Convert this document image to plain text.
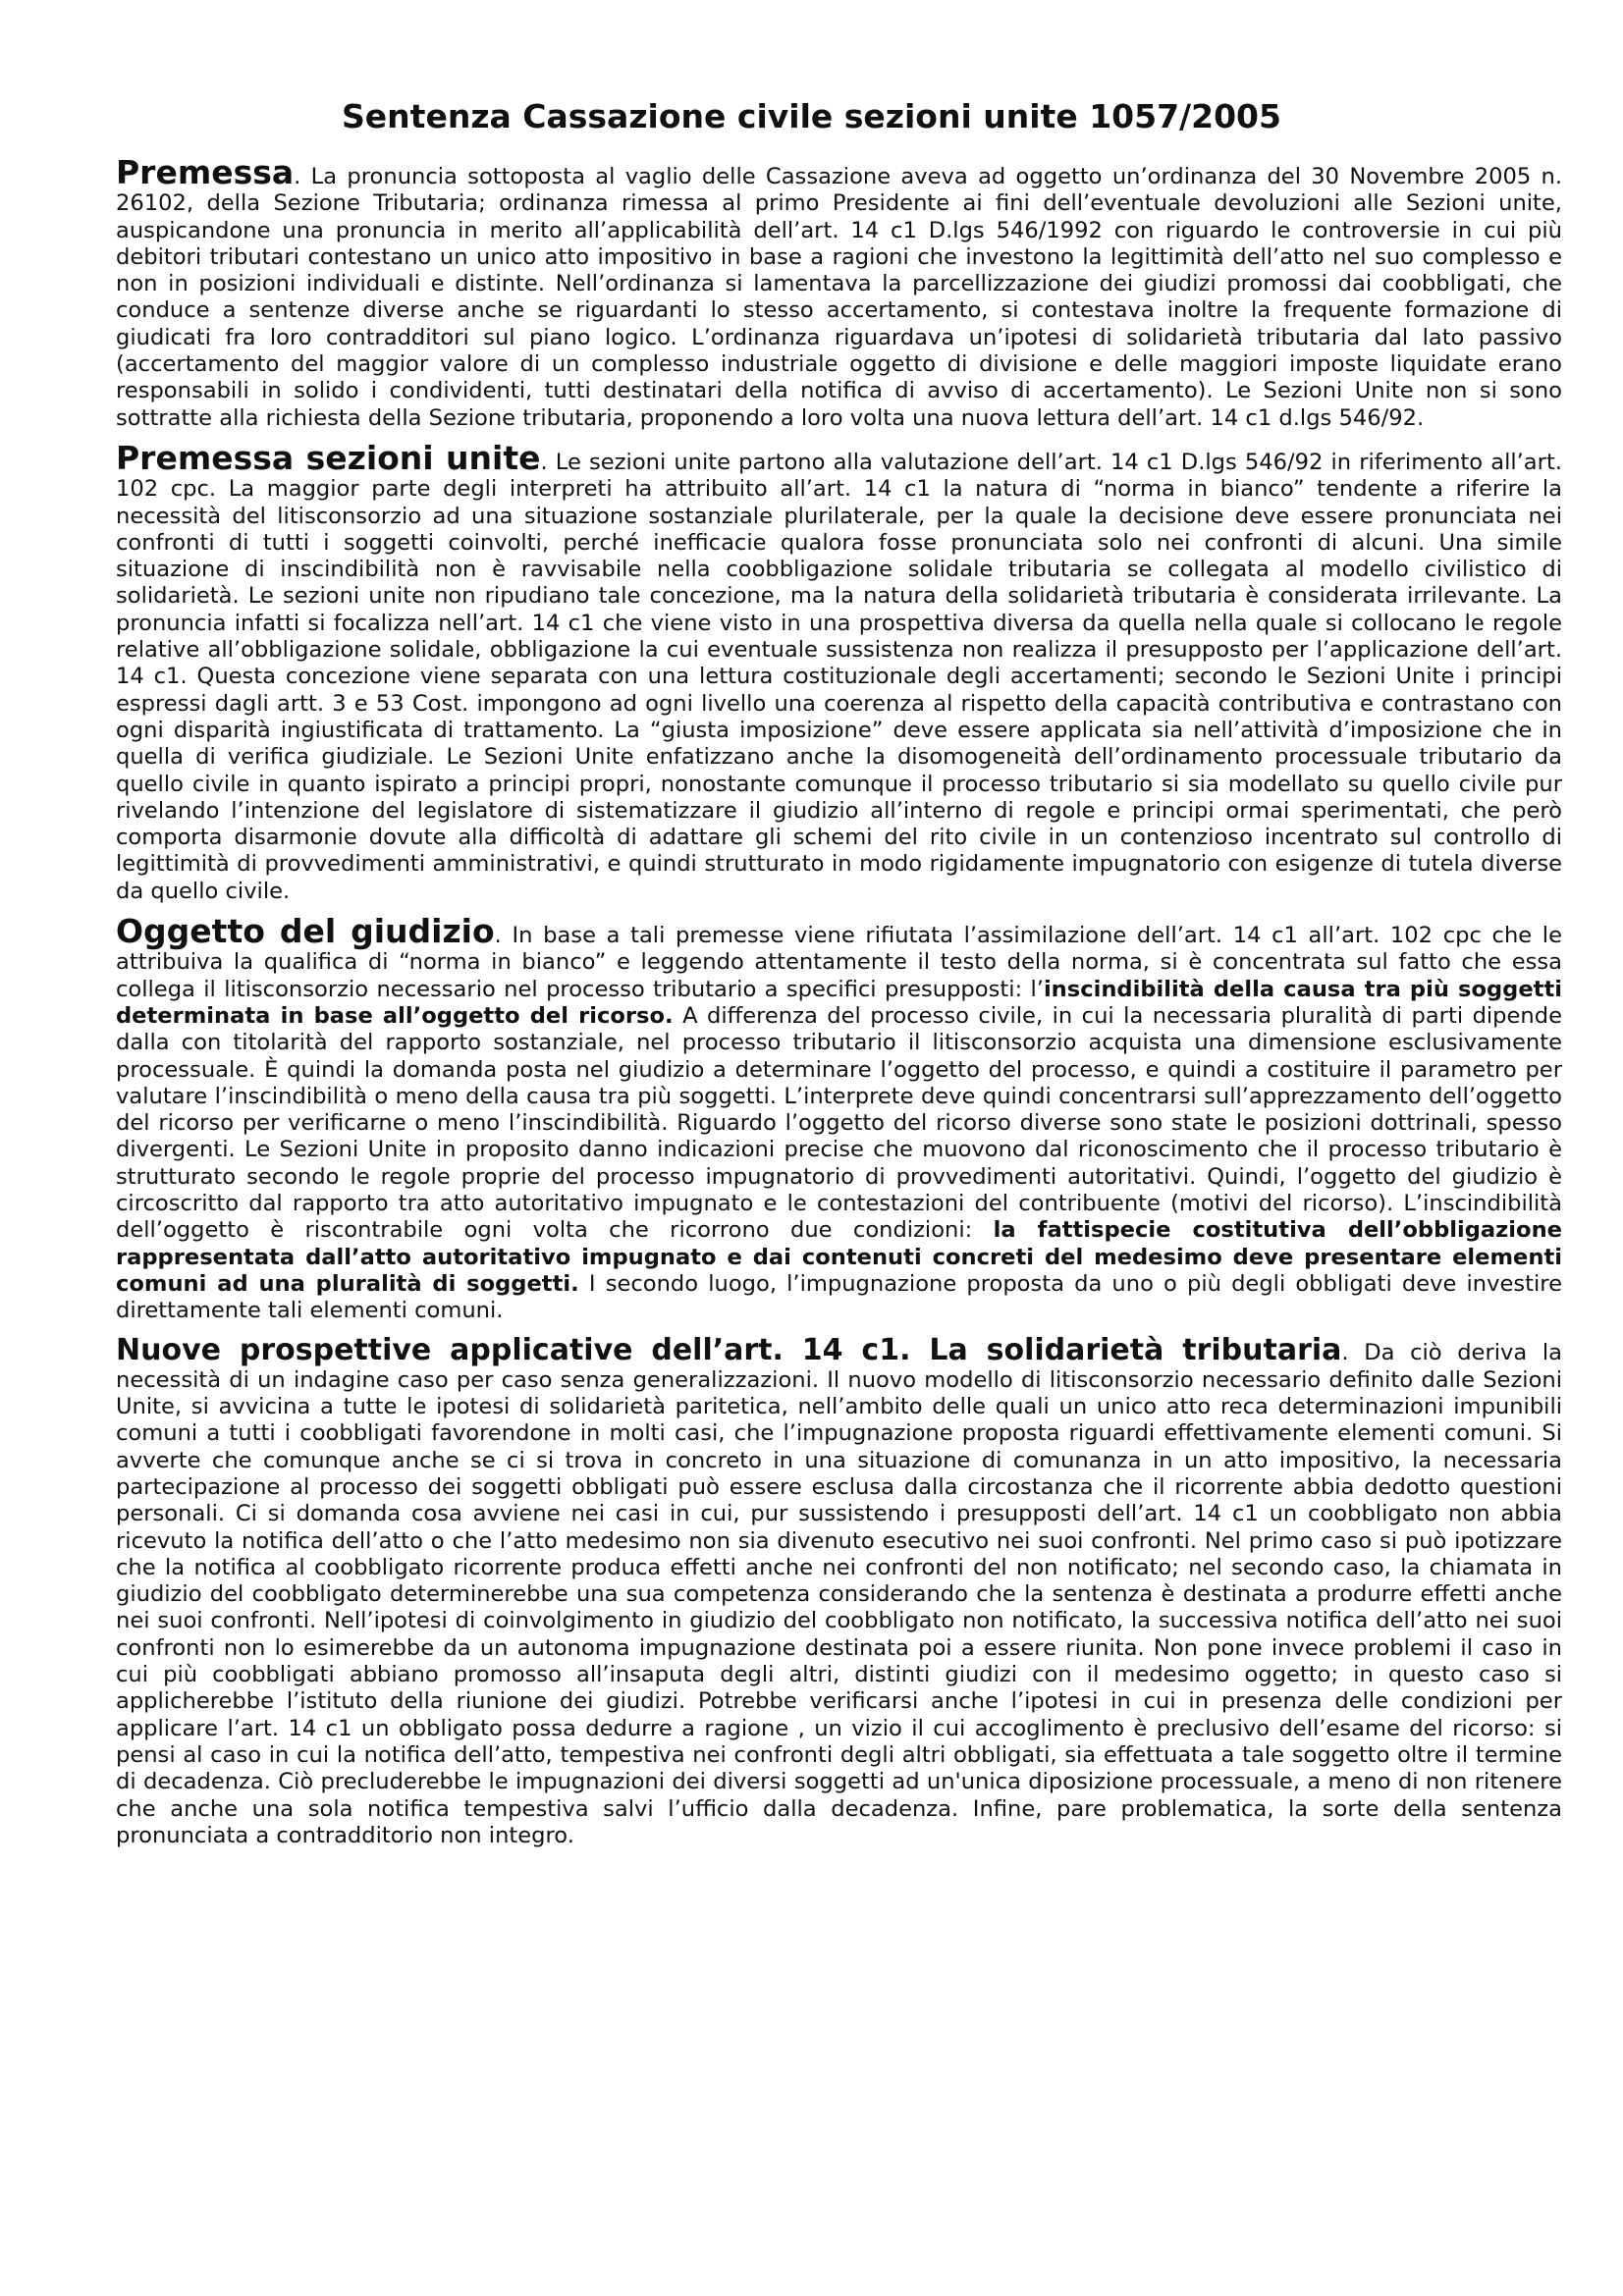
Sentenza Cassazione civile sezioni unite 1057/2005

Premessa. La pronuncia sottoposta al vaglio delle Cassazione aveva ad oggetto un’ordinanza del 30 Novembre 2005 n. 26102, della Sezione Tributaria; ordinanza rimessa al primo Presidente ai fini dell’eventuale devoluzioni alle Sezioni unite, auspicandone una pronuncia in merito all’applicabilità dell’art. 14 c1 D.lgs 546/1992 con riguardo le controversie in cui più debitori tributari contestano un unico atto impositivo in base a ragioni che investono la legittimità dell’atto nel suo complesso e non in posizioni individuali e distinte. Nell’ordinanza si lamentava la parcellizzazione dei giudizi promossi dai coobbligati, che conduce a sentenze diverse anche se riguardanti lo stesso accertamento, si contestava inoltre la frequente formazione di giudicati fra loro contradditori sul piano logico. L’ordinanza riguardava un’ipotesi di solidarietà tributaria dal lato passivo (accertamento del maggior valore di un complesso industriale oggetto di divisione e delle maggiori imposte liquidate erano responsabili in solido i condividenti, tutti destinatari della notifica di avviso di accertamento). Le Sezioni Unite non si sono sottratte alla richiesta della Sezione tributaria, proponendo a loro volta una nuova lettura dell’art. 14 c1 d.lgs 546/92.

Premessa sezioni unite. Le sezioni unite partono alla valutazione dell’art. 14 c1 D.lgs 546/92 in riferimento all’art. 102 cpc. La maggior parte degli interpreti ha attribuito all’art. 14 c1 la natura di “norma in bianco” tendente a riferire la necessità del litisconsorzio ad una situazione sostanziale plurilaterale, per la quale la decisione deve essere pronunciata nei confronti di tutti i soggetti coinvolti, perché inefficacie qualora fosse pronunciata solo nei confronti di alcuni. Una simile situazione di inscindibilità non è ravvisabile nella coobbligazione solidale tributaria se collegata al modello civilistico di solidarietà. Le sezioni unite non ripudiano tale concezione, ma la natura della solidarietà tributaria è considerata irrilevante. La pronuncia infatti si focalizza nell’art. 14 c1 che viene visto in una prospettiva diversa da quella nella quale si collocano le regole relative all’obbligazione solidale, obbligazione la cui eventuale sussistenza non realizza il presupposto per l’applicazione dell’art. 14 c1. Questa concezione viene separata con una lettura costituzionale degli accertamenti; secondo le Sezioni Unite i principi espressi dagli artt. 3 e 53 Cost. impongono ad ogni livello una coerenza al rispetto della capacità contributiva e contrastano con ogni disparità ingiustificata di trattamento. La “giusta imposizione” deve essere applicata sia nell’attività d’imposizione che in quella di verifica giudiziale. Le Sezioni Unite enfatizzano anche la disomogeneità dell’ordinamento processuale tributario da quello civile in quanto ispirato a principi propri, nonostante comunque il processo tributario si sia modellato su quello civile pur rivelando l’intenzione del legislatore di sistematizzare il giudizio all’interno di regole e principi ormai sperimentati, che però comporta disarmonie dovute alla difficoltà di adattare gli schemi del rito civile in un contenzioso incentrato sul controllo di legittimità di provvedimenti amministrativi, e quindi strutturato in modo rigidamente impugnatorio con esigenze di tutela diverse da quello civile.

Oggetto del giudizio. In base a tali premesse viene rifiutata l’assimilazione dell’art. 14 c1 all’art. 102 cpc che le attribuiva la qualifica di “norma in bianco” e leggendo attentamente il testo della norma, si è concentrata sul fatto che essa collega il litisconsorzio necessario nel processo tributario a specifici presupposti: l’inscindibilità della causa tra più soggetti determinata in base all’oggetto del ricorso. A differenza del processo civile, in cui la necessaria pluralità di parti dipende dalla con titolarità del rapporto sostanziale, nel processo tributario il litisconsorzio acquista una dimensione esclusivamente processuale. È quindi la domanda posta nel giudizio a determinare l’oggetto del processo, e quindi a costituire il parametro per valutare l’inscindibilità o meno della causa tra più soggetti. L’interprete deve quindi concentrarsi sull’apprezzamento dell’oggetto del ricorso per verificarne o meno l’inscindibilità. Riguardo l’oggetto del ricorso diverse sono state le posizioni dottrinali, spesso divergenti. Le Sezioni Unite in proposito danno indicazioni precise che muovono dal riconoscimento che il processo tributario è strutturato secondo le regole proprie del processo impugnatorio di provvedimenti autoritativi. Quindi, l’oggetto del giudizio è circoscritto dal rapporto tra atto autoritativo impugnato e le contestazioni del contribuente (motivi del ricorso). L’inscindibilità dell’oggetto è riscontrabile ogni volta che ricorrono due condizioni: la fattispecie costitutiva dell’obbligazione rappresentata dall’atto autoritativo impugnato e dai contenuti concreti del medesimo deve presentare elementi comuni ad una pluralità di soggetti. I secondo luogo, l’impugnazione proposta da uno o più degli obbligati deve investire direttamente tali elementi comuni.

Nuove prospettive applicative dell’art. 14 c1. La solidarietà tributaria. Da ciò deriva la necessità di un indagine caso per caso senza generalizzazioni. Il nuovo modello di litisconsorzio necessario definito dalle Sezioni Unite, si avvicina a tutte le ipotesi di solidarietà paritetica, nell’ambito delle quali un unico atto reca determinazioni impunibili comuni a tutti i coobbligati favorendone in molti casi, che l’impugnazione proposta riguardi effettivamente elementi comuni. Si avverte che comunque anche se ci si trova in concreto in una situazione di comunanza in un atto impositivo, la necessaria partecipazione al processo dei soggetti obbligati può essere esclusa dalla circostanza che il ricorrente abbia dedotto questioni personali. Ci si domanda cosa avviene nei casi in cui, pur sussistendo i presupposti dell’art. 14 c1 un coobbligato non abbia ricevuto la notifica dell’atto o che l’atto medesimo non sia divenuto esecutivo nei suoi confronti. Nel primo caso si può ipotizzare che la notifica al coobbligato ricorrente produca effetti anche nei confronti del non notificato; nel secondo caso, la chiamata in giudizio del coobbligato determinerebbe una sua competenza considerando che la sentenza è destinata a produrre effetti anche nei suoi confronti. Nell’ipotesi di coinvolgimento in giudizio del coobbligato non notificato, la successiva notifica dell’atto nei suoi confronti non lo esimerebbe da un autonoma impugnazione destinata poi a essere riunita. Non pone invece problemi il caso in cui più coobbligati abbiano promosso all’insaputa degli altri, distinti giudizi con il medesimo oggetto; in questo caso si applicherebbe l’istituto della riunione dei giudizi. Potrebbe verificarsi anche l’ipotesi in cui in presenza delle condizioni per applicare l’art. 14 c1 un obbligato possa dedurre a ragione , un vizio il cui accoglimento è preclusivo dell’esame del ricorso: si pensi al caso in cui la notifica dell’atto, tempestiva nei confronti degli altri obbligati, sia effettuata a tale soggetto oltre il termine di decadenza. Ciò precluderebbe le impugnazioni dei diversi soggetti ad un'unica diposizione processuale, a meno di non ritenere che anche una sola notifica tempestiva salvi l’ufficio dalla decadenza. Infine, pare problematica, la sorte della sentenza pronunciata a contradditorio non integro.
